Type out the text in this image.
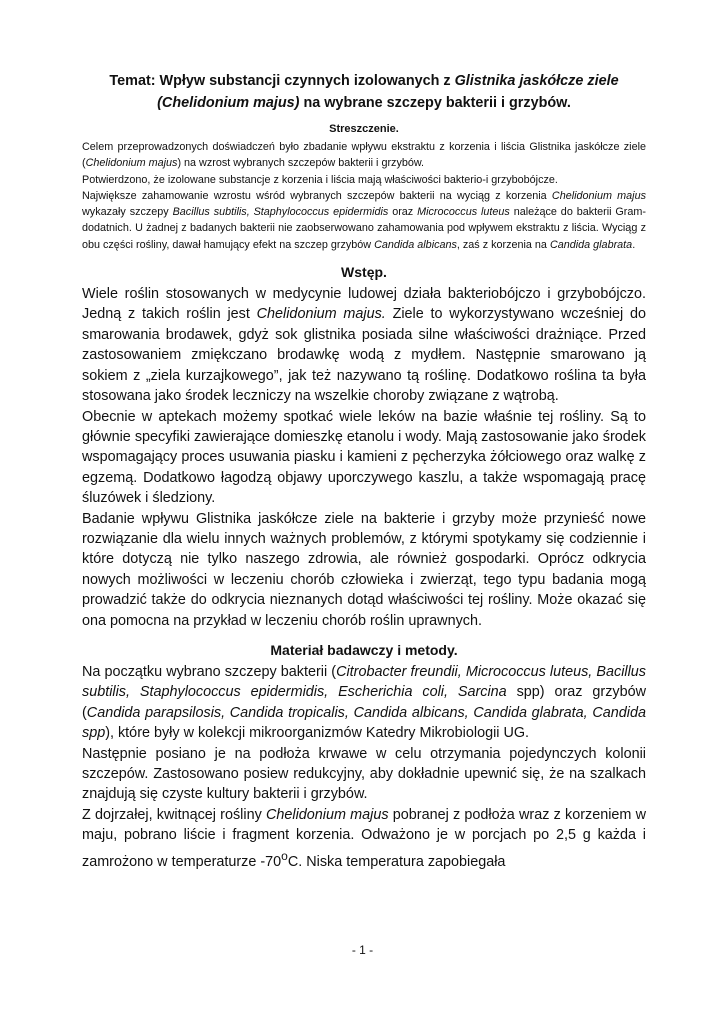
Temat: Wpływ substancji czynnych izolowanych z Glistnika jaskółcze ziele
(Chelidonium majus) na wybrane szczepy bakterii i grzybów.
Streszczenie.

Celem przeprowadzonych doświadczeń było zbadanie wpływu ekstraktu z korzenia i liścia Glistnika jaskółcze ziele (Chelidonium majus) na wzrost wybranych szczepów bakterii i grzybów.

Potwierdzono, że izolowane substancje z korzenia i liścia mają właściwości bakterio-i grzybobójcze.

Największe zahamowanie wzrostu wśród wybranych szczepów bakterii na wyciąg z korzenia Chelidonium majus wykazały szczepy Bacillus subtilis, Staphylococcus epidermidis oraz Micrococcus luteus należące do bakterii Gram-dodatnich. U żadnej z badanych bakterii nie zaobserwowano zahamowania pod wpływem ekstraktu z liścia. Wyciąg z obu części rośliny, dawał hamujący efekt na szczep grzybów Candida albicans, zaś z korzenia na Candida glabrata.

Wstęp.

Wiele roślin stosowanych w medycynie ludowej działa bakteriobójczo i grzybobójczo. Jedną z takich roślin jest Chelidonium majus. Ziele to wykorzystywano wcześniej do smarowania brodawek, gdyż sok glistnika posiada silne właściwości drażniące. Przed zastosowaniem zmiękczano brodawkę wodą z mydłem. Następnie smarowano ją sokiem z „ziela kurzajkowego”, jak też nazywano tą roślinę. Dodatkowo roślina ta była stosowana jako środek leczniczy na wszelkie choroby związane z wątrobą.

Obecnie w aptekach możemy spotkać wiele leków na bazie właśnie tej rośliny. Są to głównie specyfiki zawierające domieszkę etanolu i wody. Mają zastosowanie jako środek wspomagający proces usuwania piasku i kamieni z pęcherzyka żółciowego oraz walkę z egzemą. Dodatkowo łagodzą objawy uporczywego kaszlu, a także wspomagają pracę śluzówek i śledziony.

Badanie wpływu Glistnika jaskółcze ziele na bakterie i grzyby może przynieść nowe rozwiązanie dla wielu innych ważnych problemów, z którymi spotykamy się codziennie i które dotyczą nie tylko naszego zdrowia, ale również gospodarki. Oprócz odkrycia nowych możliwości w leczeniu chorób człowieka i zwierząt, tego typu badania mogą prowadzić także do odkrycia nieznanych dotąd właściwości tej rośliny. Może okazać się ona pomocna na przykład w leczeniu chorób roślin uprawnych.

Materiał badawczy i metody.

Na początku wybrano szczepy bakterii (Citrobacter freundii, Micrococcus luteus, Bacillus subtilis, Staphylococcus epidermidis, Escherichia coli, Sarcina spp) oraz grzybów (Candida parapsilosis, Candida tropicalis, Candida albicans, Candida glabrata, Candida spp), które były w kolekcji mikroorganizmów Katedry Mikrobiologii UG.

Następnie posiano je na podłoża krwawe w celu otrzymania pojedynczych kolonii szczepów. Zastosowano posiew redukcyjny, aby dokładnie upewnić się, że na szalkach znajdują się czyste kultury bakterii i grzybów.

Z dojrzałej, kwitnącej rośliny Chelidonium majus pobranej z podłoża wraz z korzeniem w maju, pobrano liście i fragment korzenia. Odważono je w porcjach po 2,5 g każda i zamrożono w temperaturze -70$^o$C. Niska temperatura zapobiegała

- 1 -
